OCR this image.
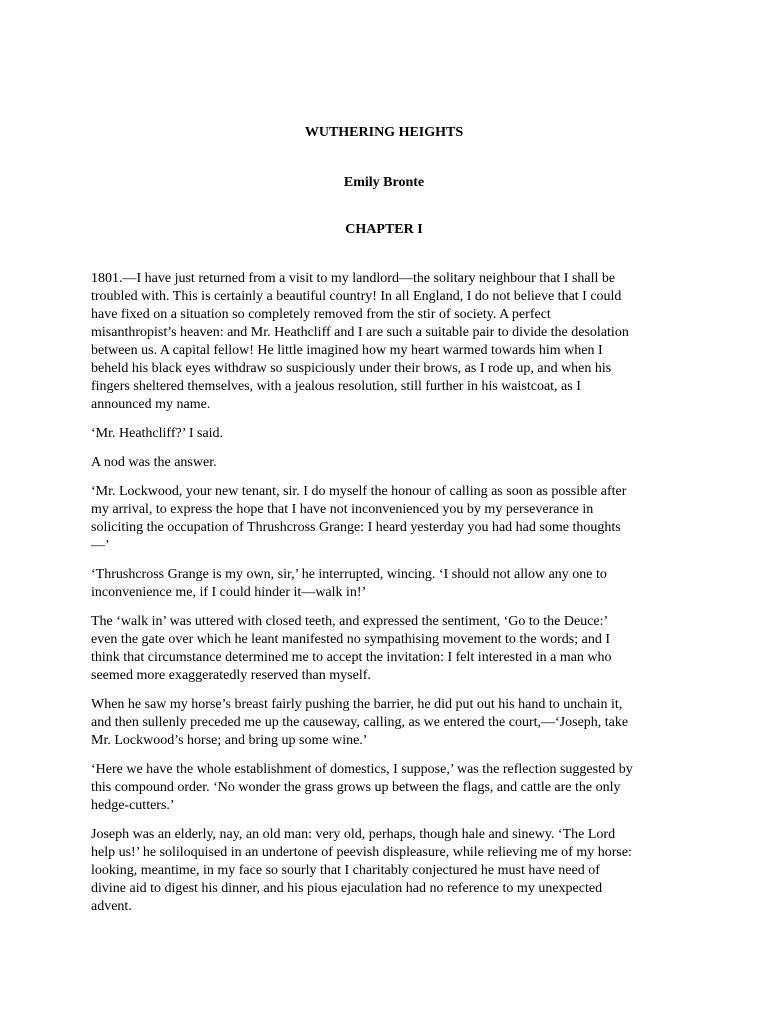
WUTHERING HEIGHTS
Emily Bronte
CHAPTER I

1801.—I have just returned from a visit to my landlord—the solitary neighbour that I shall be
troubled with. This is certainly a beautiful country! In all England, I do not believe that I could
have fixed on a situation so completely removed from the stir of society. A perfect
misanthropist’s heaven: and Mr. Heathcliff and I are such a suitable pair to divide the desolation
between us. A capital fellow! He little imagined how my heart warmed towards him when I
beheld his black eyes withdraw so suspiciously under their brows, as I rode up, and when his
fingers sheltered themselves, with a jealous resolution, still further in his waistcoat, as I
announced my name.

‘Mr. Heathcliff?’ I said.

A nod was the answer.

‘Mr. Lockwood, your new tenant, sir. I do myself the honour of calling as soon as possible after
my arrival, to express the hope that I have not inconvenienced you by my perseverance in
soliciting the occupation of Thrushcross Grange: I heard yesterday you had had some thoughts
—’

‘Thrushcross Grange is my own, sir,’ he interrupted, wincing. ‘I should not allow any one to
inconvenience me, if I could hinder it—walk in!’

The ‘walk in’ was uttered with closed teeth, and expressed the sentiment, ‘Go to the Deuce:’
even the gate over which he leant manifested no sympathising movement to the words; and I
think that circumstance determined me to accept the invitation: I felt interested in a man who
seemed more exaggeratedly reserved than myself.

When he saw my horse’s breast fairly pushing the barrier, he did put out his hand to unchain it,
and then sullenly preceded me up the causeway, calling, as we entered the court,—‘Joseph, take
Mr. Lockwood’s horse; and bring up some wine.’

‘Here we have the whole establishment of domestics, I suppose,’ was the reflection suggested by
this compound order. ‘No wonder the grass grows up between the flags, and cattle are the only
hedge-cutters.’

Joseph was an elderly, nay, an old man: very old, perhaps, though hale and sinewy. ‘The Lord
help us!’ he soliloquised in an undertone of peevish displeasure, while relieving me of my horse:
looking, meantime, in my face so sourly that I charitably conjectured he must have need of
divine aid to digest his dinner, and his pious ejaculation had no reference to my unexpected
advent.
